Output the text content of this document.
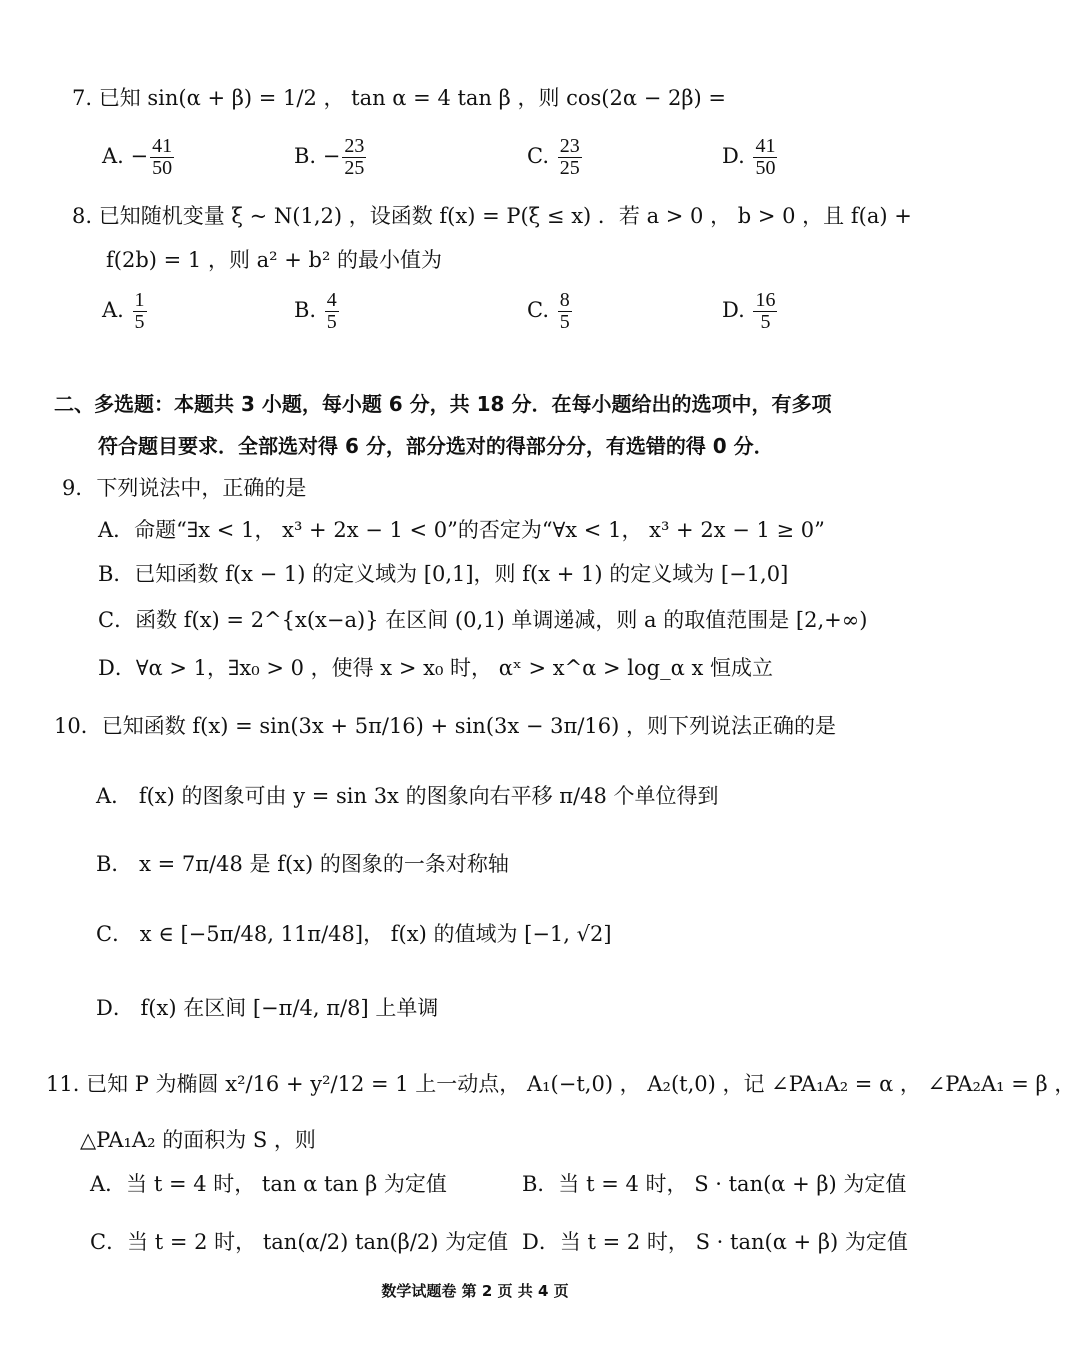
7. 已知 sin(α + β) = 1/2 ， tan α = 4 tan β ，则 cos(2α − 2β) =
A. − $\frac{41}{50}$	B. − $\frac{23}{25}$	C. $\frac{23}{25}$	D. $\frac{41}{50}$
8. 已知随机变量 ξ ~ N(1,2) ，设函数 f(x) = P(ξ ≤ x) ．若 a > 0 ， b > 0 ，且 f(a) +
f(2b) = 1 ，则 a² + b² 的最小值为
A. $\frac{1}{5}$	B. $\frac{4}{5}$	C. $\frac{8}{5}$	D. $\frac{16}{5}$
二、多选题：本题共 3 小题，每小题 6 分，共 18 分．在每小题给出的选项中，有多项
符合题目要求．全部选对得 6 分，部分选对的得部分分，有选错的得 0 分．
9．下列说法中，正确的是
A．命题“∃x < 1， x³ + 2x − 1 < 0”的否定为“∀x < 1， x³ + 2x − 1 ≥ 0”
B．已知函数 f(x − 1) 的定义域为 [0,1]，则 f(x + 1) 的定义域为 [−1,0]
C．函数 f(x) = 2^{x(x−a)} 在区间 (0,1) 单调递减，则 a 的取值范围是 [2,+∞)
D．∀α > 1，∃x₀ > 0 ，使得 x > x₀ 时， αˣ > x^α > log_α x 恒成立
10．已知函数 f(x) = sin(3x + 5π/16) + sin(3x − 3π/16) ，则下列说法正确的是
A． f(x) 的图象可由 y = sin 3x 的图象向右平移 π/48 个单位得到
B． x = 7π/48 是 f(x) 的图象的一条对称轴
C． x ∈ [−5π/48, 11π/48]， f(x) 的值域为 [−1, √2]
D． f(x) 在区间 [−π/4, π/8] 上单调
11. 已知 P 为椭圆 x²/16 + y²/12 = 1 上一动点， A₁(−t,0) ， A₂(t,0) ，记 ∠PA₁A₂ = α ， ∠PA₂A₁ = β ，
△PA₁A₂ 的面积为 S ，则
A．当 t = 4 时， tan α tan β 为定值	B．当 t = 4 时， S · tan(α + β) 为定值
C．当 t = 2 时， tan(α/2) tan(β/2) 为定值 D．当 t = 2 时， S · tan(α + β) 为定值
数学试题卷 第 2 页 共 4 页
